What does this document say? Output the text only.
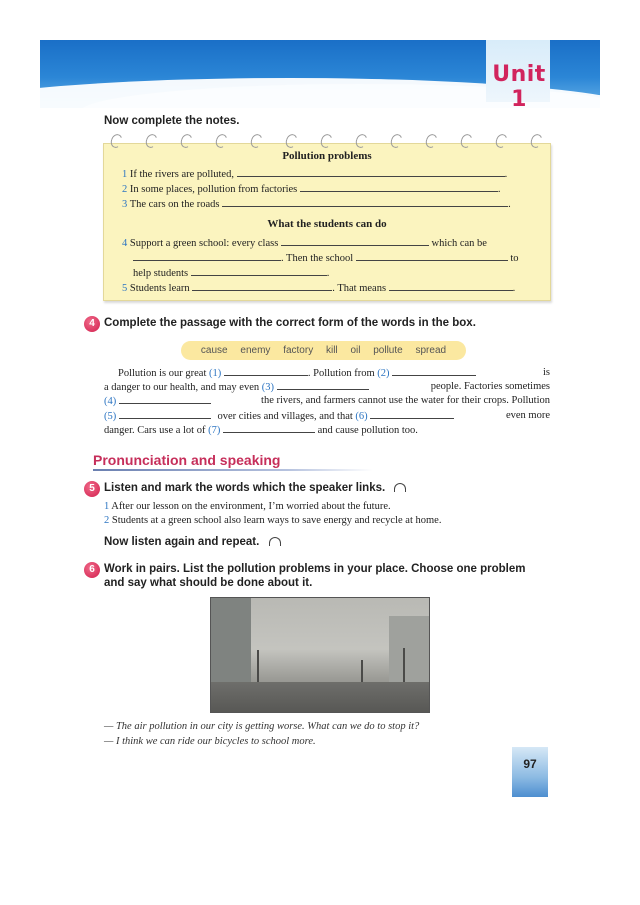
Unit 1
Now complete the notes.
Pollution problems
1 If the rivers are polluted,	.
2 In some places, pollution from factories	.
3 The cars on the roads	.
What the students can do
4 Support a green school: every class	which can be
. Then the school	to
help students	.
5 Students learn	. That means	.
4 Complete the passage with the correct form of the words in the box.
cause enemy factory kill oil pollute spread
Pollution is our great (1)	. Pollution from (2)	is
a danger to our health, and may even (3)	people. Factories sometimes
(4)	the rivers, and farmers cannot use the water for their crops. Pollution
(5)	over cities and villages, and that (6)	even more
danger. Cars use a lot of (7)	and cause pollution too.
Pronunciation and speaking
5 Listen and mark the words which the speaker links.
1 After our lesson on the environment, I’m worried about the future.
2 Students at a green school also learn ways to save energy and recycle at home.
Now listen again and repeat.
6 Work in pairs. List the pollution problems in your place. Choose one problem
and say what should be done about it.
— The air pollution in our city is getting worse. What can we do to stop it?
— I think we can ride our bicycles to school more.
97
